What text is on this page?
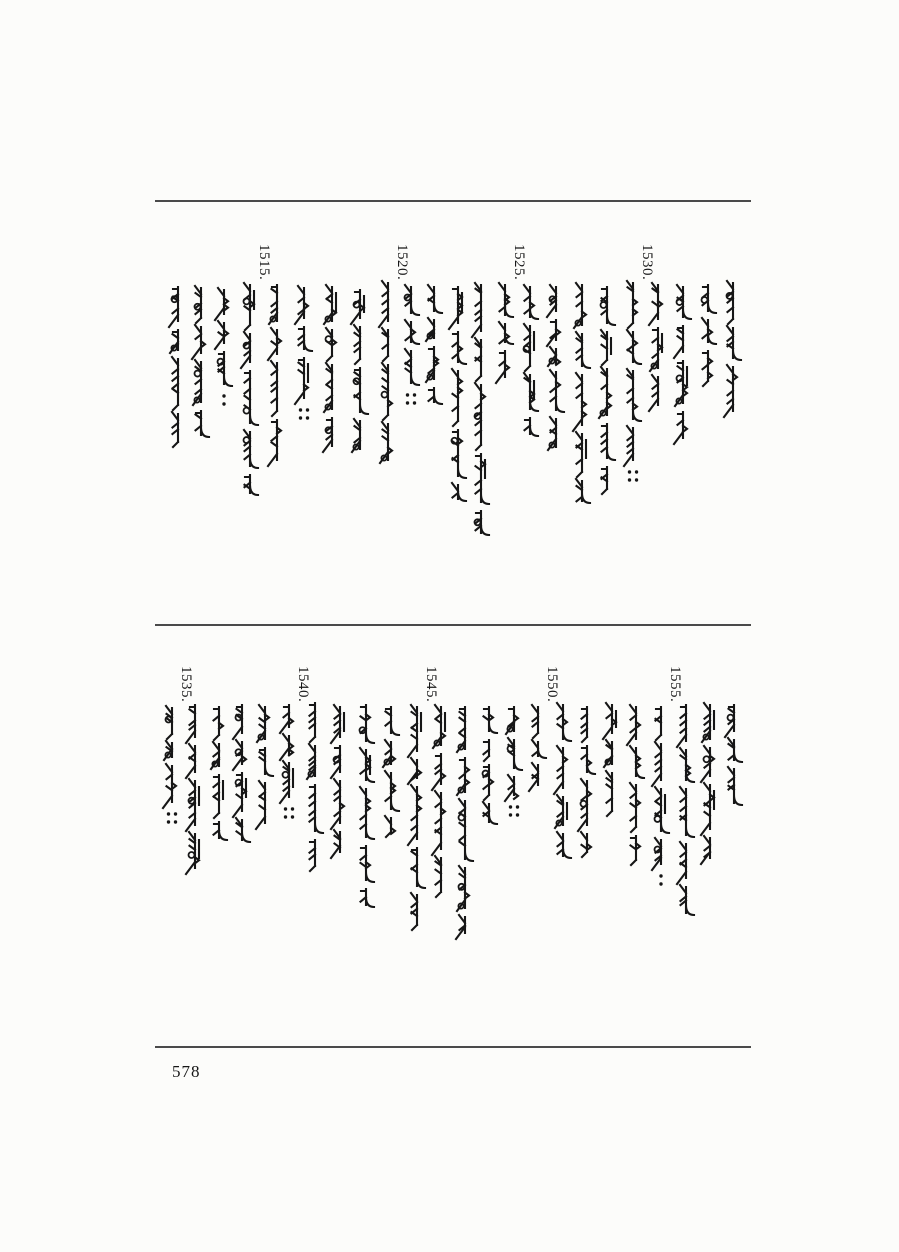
578
1515.	1520.	1525.	1530.
1535.	1540.	1545.	1550.	1555.
